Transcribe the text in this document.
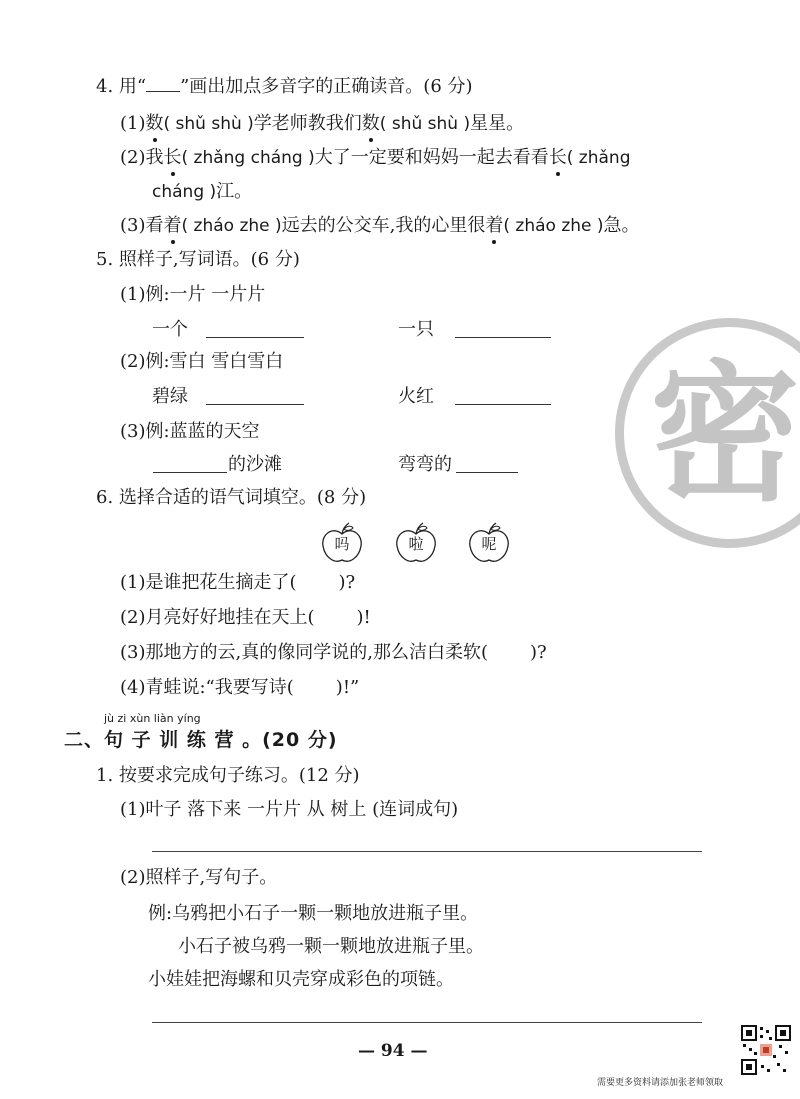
4. 用“ ”画出加点多音字的正确读音。(6 分)
(1)数( shǔ shù )学老师教我们数( shǔ shù )星星。
(2)我长( zhǎng cháng )大了一定要和妈妈一起去看看长( zhǎng
cháng )江。
(3)看着( zháo zhe )远去的公交车,我的心里很着( zháo zhe )急。
5. 照样子,写词语。(6 分)
(1)例:一片 一片片
一个	一只
(2)例:雪白 雪白雪白
碧绿	火红
(3)例:蓝蓝的天空
的沙滩	弯弯的 密
6. 选择合适的语气词填空。(8 分)
吗	啦	呢
(1)是谁把花生摘走了( )?
(2)月亮好好地挂在天上( )!
(3)那地方的云,真的像同学说的,那么洁白柔软( )?
(4)青蛙说:“我要写诗( )!”
jù zi xùn liàn yíng
二、句 子 训 练 营 。(20 分)
1. 按要求完成句子练习。(12 分)
(1)叶子 落下来 一片片 从 树上 (连词成句)
(2)照样子,写句子。
例:乌鸦把小石子一颗一颗地放进瓶子里。
小石子被乌鸦一颗一颗地放进瓶子里。
小娃娃把海螺和贝壳穿成彩色的项链。
— 94 —
需要更多资料请添加张老师领取
